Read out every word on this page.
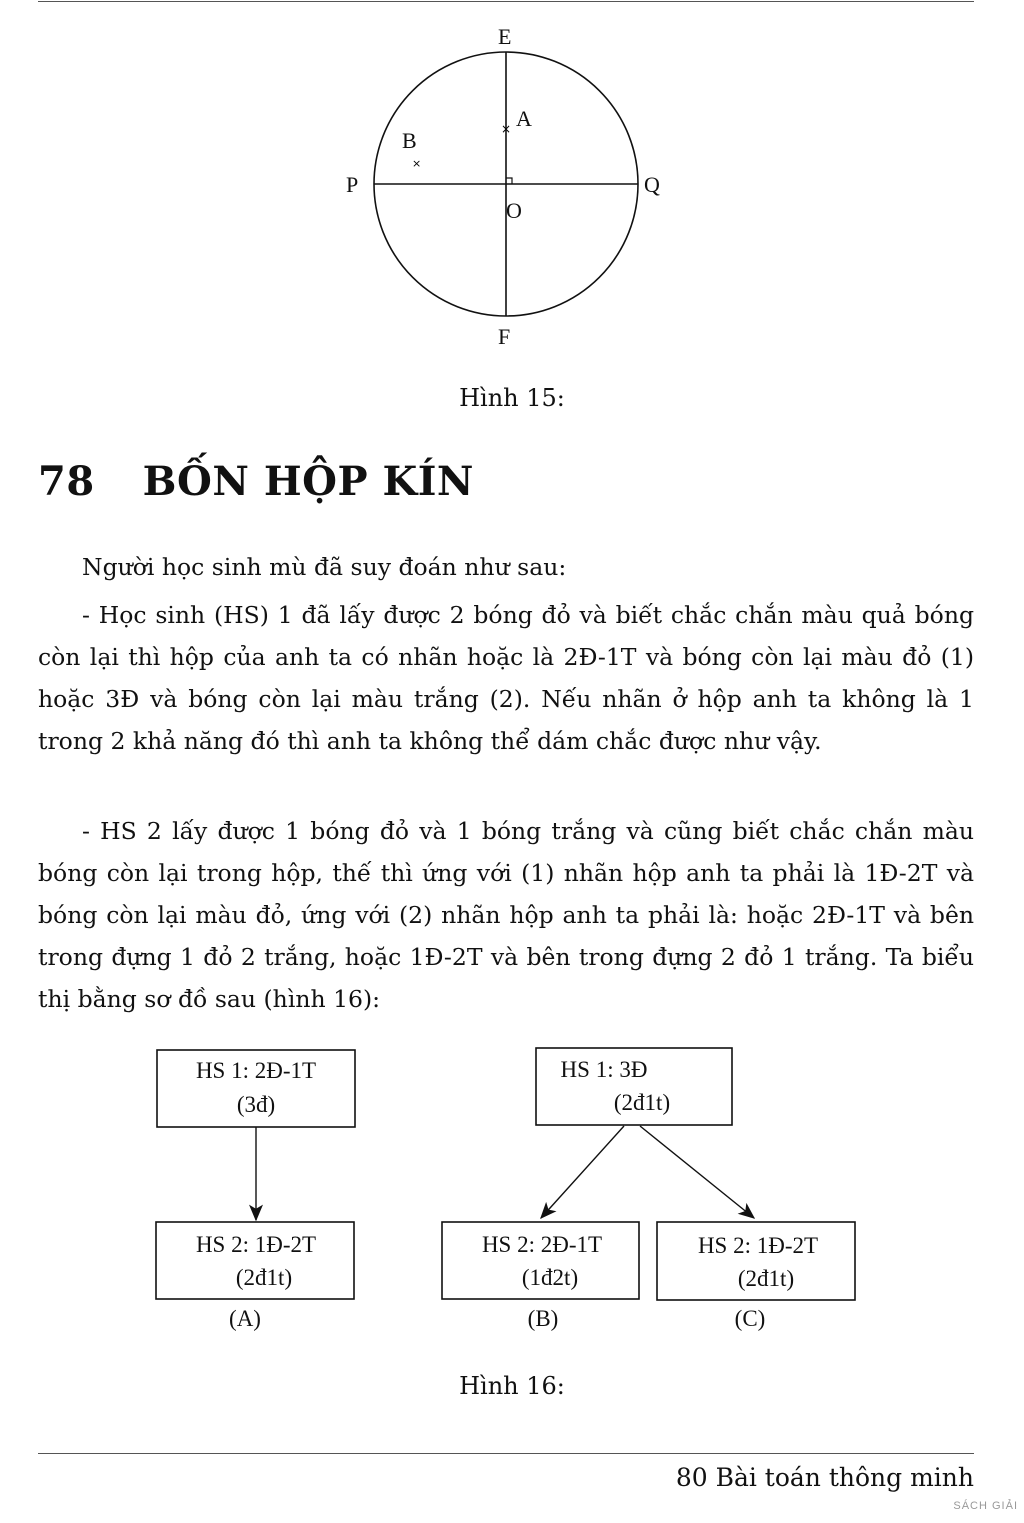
×
×
E
A
B
P	Q
O
F
Hình 15:
78 BỐN HỘP KÍN

Người học sinh mù đã suy đoán như sau:

- Học sinh (HS) 1 đã lấy được 2 bóng đỏ và biết chắc chắn màu quả bóng còn lại thì hộp của anh ta có nhãn hoặc là 2Đ-1T và bóng còn lại màu đỏ (1) hoặc 3Đ và bóng còn lại màu trắng (2). Nếu nhãn ở hộp anh ta không là 1 trong 2 khả năng đó thì anh ta không thể dám chắc được như vậy.

- HS 2 lấy được 1 bóng đỏ và 1 bóng trắng và cũng biết chắc chắn màu bóng còn lại trong hộp, thế thì ứng với (1) nhãn hộp anh ta phải là 1Đ-2T và bóng còn lại màu đỏ, ứng với (2) nhãn hộp anh ta phải là: hoặc 2Đ-1T và bên trong đựng 1 đỏ 2 trắng, hoặc 1Đ-2T và bên trong đựng 2 đỏ 1 trắng. Ta biểu thị bằng sơ đồ sau (hình 16):

HS 1: 2Đ-1T
(3đ)
HS 1: 3Đ
(2đ1t)
HS 2: 1Đ-2T
(2đ1t)
HS 2: 2Đ-1T
(1đ2t)
HS 2: 1Đ-2T
(2đ1t)
(A)	(B)	(C)
Hình 16:
80 Bài toán thông minh
SÁCH GIẢI
